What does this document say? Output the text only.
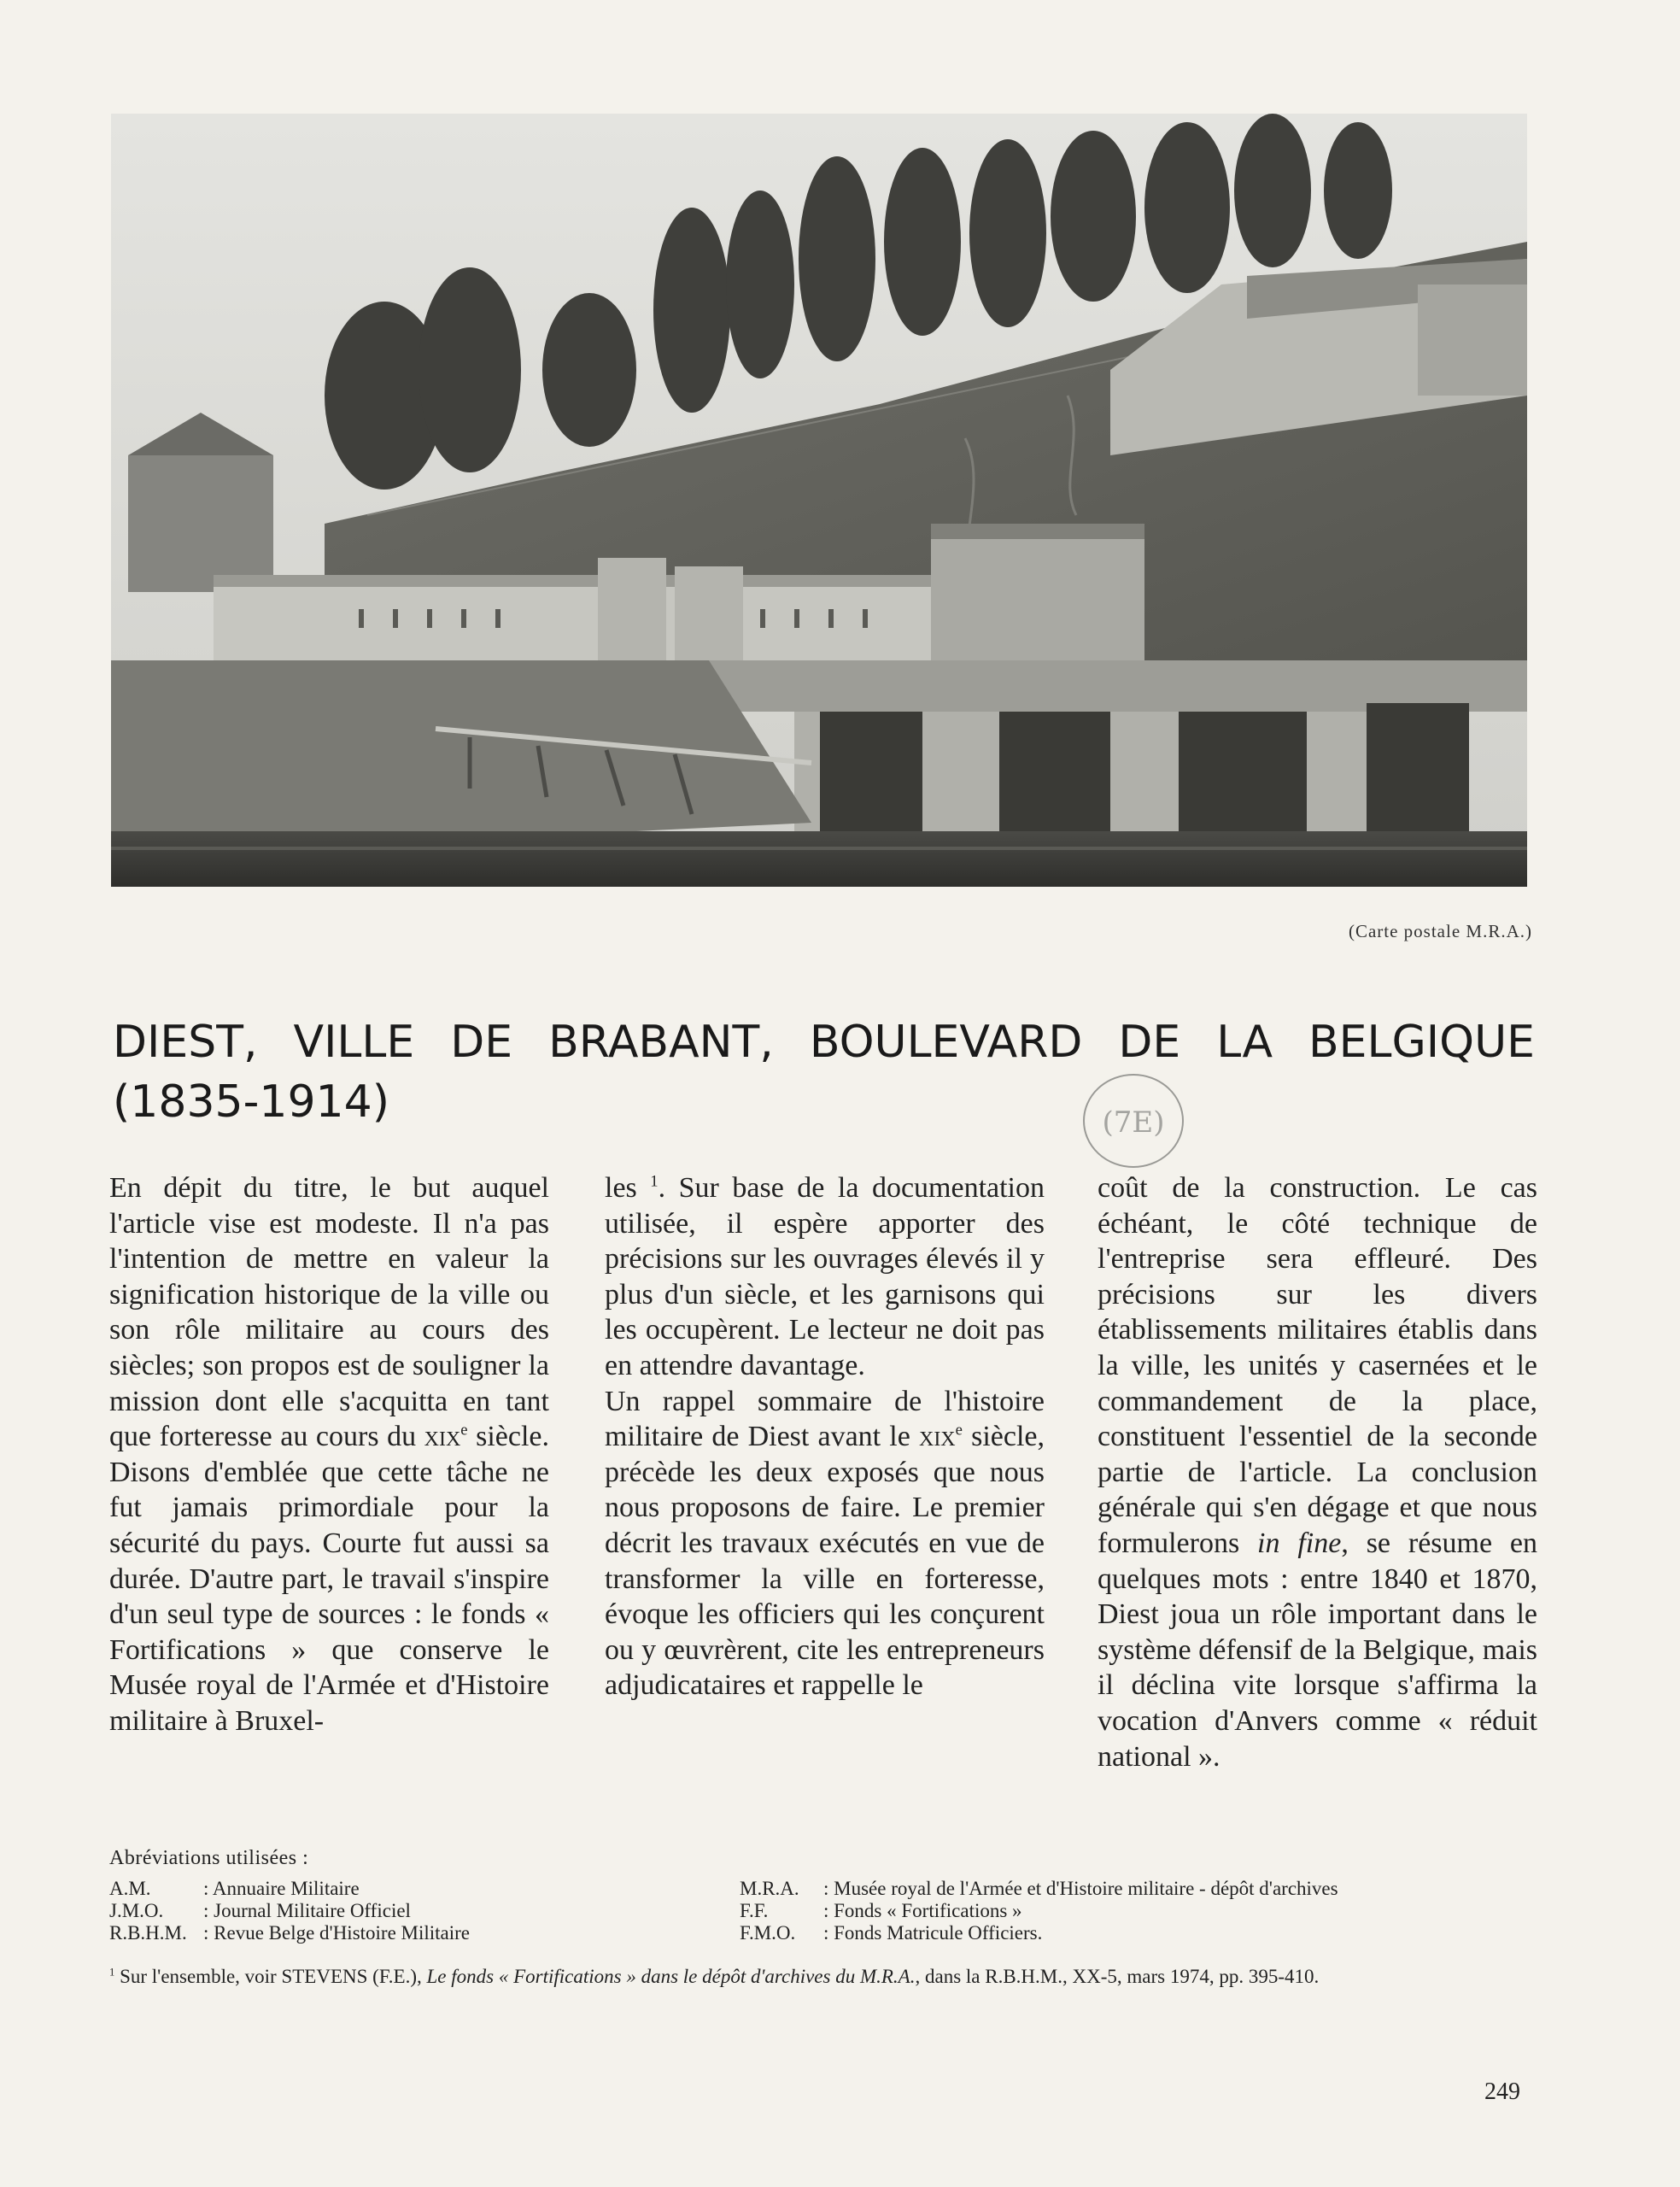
(Carte postale M.R.A.)
DIEST, VILLE DE BRABANT, BOULEVARD DE LA BELGIQUE
(1835-1914)	(7E)

En dépit du titre, le but auquel l'article vise est modeste. Il n'a pas l'intention de mettre en valeur la signification historique de la ville ou son rôle militaire au cours des siècles; son propos est de souligner la mission dont elle s'acquitta en tant que forteresse au cours du xix$^e$ siècle. Disons d'emblée que cette tâche ne fut jamais primordiale pour la sécurité du pays. Courte fut aussi sa durée. D'autre part, le travail s'inspire d'un seul type de sources : le fonds « Fortifications » que conserve le Musée royal de l'Armée et d'Histoire militaire à Bruxel-

les $^1$. Sur base de la documentation utilisée, il espère apporter des précisions sur les ouvrages élevés il y plus d'un siècle, et les garnisons qui les occupèrent. Le lecteur ne doit pas en attendre davantage.

Un rappel sommaire de l'histoire militaire de Diest avant le xix$^e$ siècle, précède les deux exposés que nous nous proposons de faire. Le premier décrit les travaux exécutés en vue de transformer la ville en forteresse, évoque les officiers qui les conçurent ou y œuvrèrent, cite les entrepreneurs adjudicataires et rappelle le

coût de la construction. Le cas échéant, le côté technique de l'entreprise sera effleuré. Des précisions sur les divers établissements militaires établis dans la ville, les unités y casernées et le commandement de la place, constituent l'essentiel de la seconde partie de l'article. La conclusion générale qui s'en dégage et que nous formulerons in fine, se résume en quelques mots : entre 1840 et 1870, Diest joua un rôle important dans le système défensif de la Belgique, mais il déclina vite lorsque s'affirma la vocation d'Anvers comme « réduit national ».

Abréviations utilisées :
A.M.	: Annuaire Militaire
J.M.O. : Journal Militaire Officiel
R.B.H.M. : Revue Belge d'Histoire Militaire
M.R.A. : Musée royal de l'Armée et d'Histoire militaire - dépôt d'archives
F.F.	: Fonds « Fortifications »
F.M.O. : Fonds Matricule Officiers.

$^1$ Sur l'ensemble, voir STEVENS (F.E.), Le fonds « Fortifications » dans le dépôt d'archives du M.R.A., dans la R.B.H.M., XX-5, mars 1974, pp. 395-410.

249
